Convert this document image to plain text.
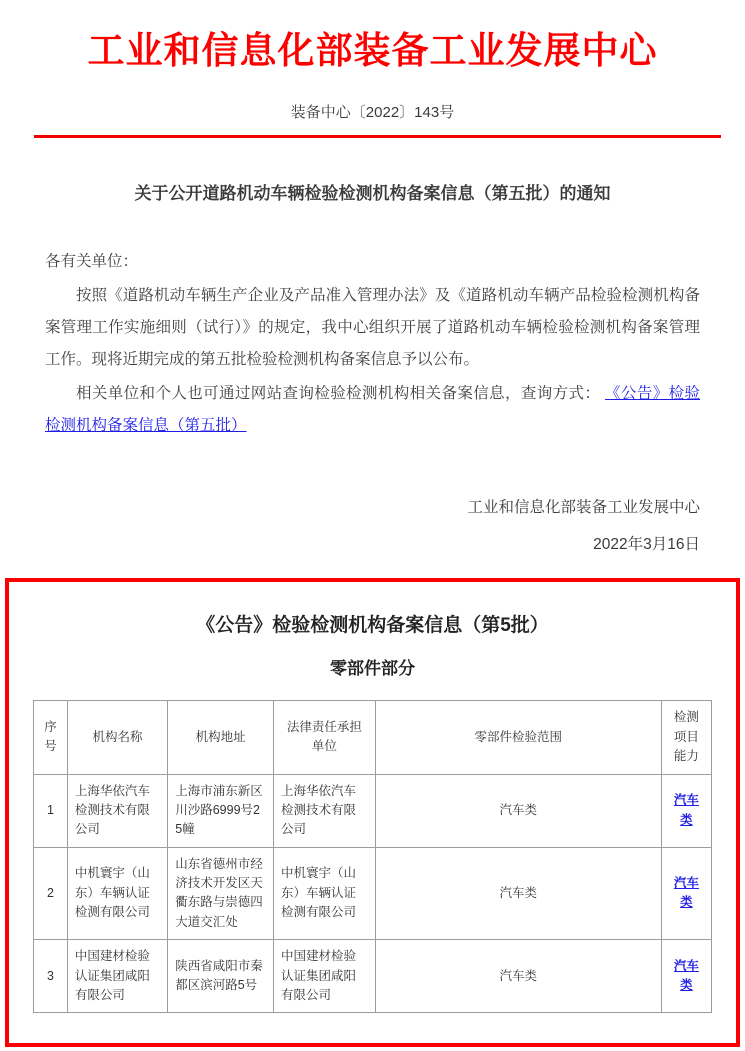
工业和信息化部装备工业发展中心
装备中心〔2022〕143号
关于公开道路机动车辆检验检测机构备案信息（第五批）的通知

各有关单位：

按照《道路机动车辆生产企业及产品准入管理办法》及《道路机动车辆产品检验检测机构备案管理工作实施细则（试行）》的规定，我中心组织开展了道路机动车辆检验检测机构备案管理工作。现将近期完成的第五批检验检测机构备案信息予以公布。

相关单位和个人也可通过网站查询检验检测机构相关备案信息，查询方式： 《公告》检验检测机构备案信息（第五批）

工业和信息化部装备工业发展中心

2022年3月16日

《公告》检验检测机构备案信息（第5批）
零部件部分
序号	机构名称	机构地址	法律责任承担单位	零部件检验范围	检测项目能力
1	上海华依汽车检测技术有限公司	上海市浦东新区川沙路6999号25幢	上海华依汽车检测技术有限公司	汽车类	汽车类
2	中机寰宇（山东）车辆认证检测有限公司	山东省德州市经济技术开发区天衢东路与崇德四大道交汇处	中机寰宇（山东）车辆认证检测有限公司	汽车类	汽车类
3	中国建材检验认证集团咸阳有限公司	陕西省咸阳市秦都区滨河路5号	中国建材检验认证集团咸阳有限公司	汽车类	汽车类
